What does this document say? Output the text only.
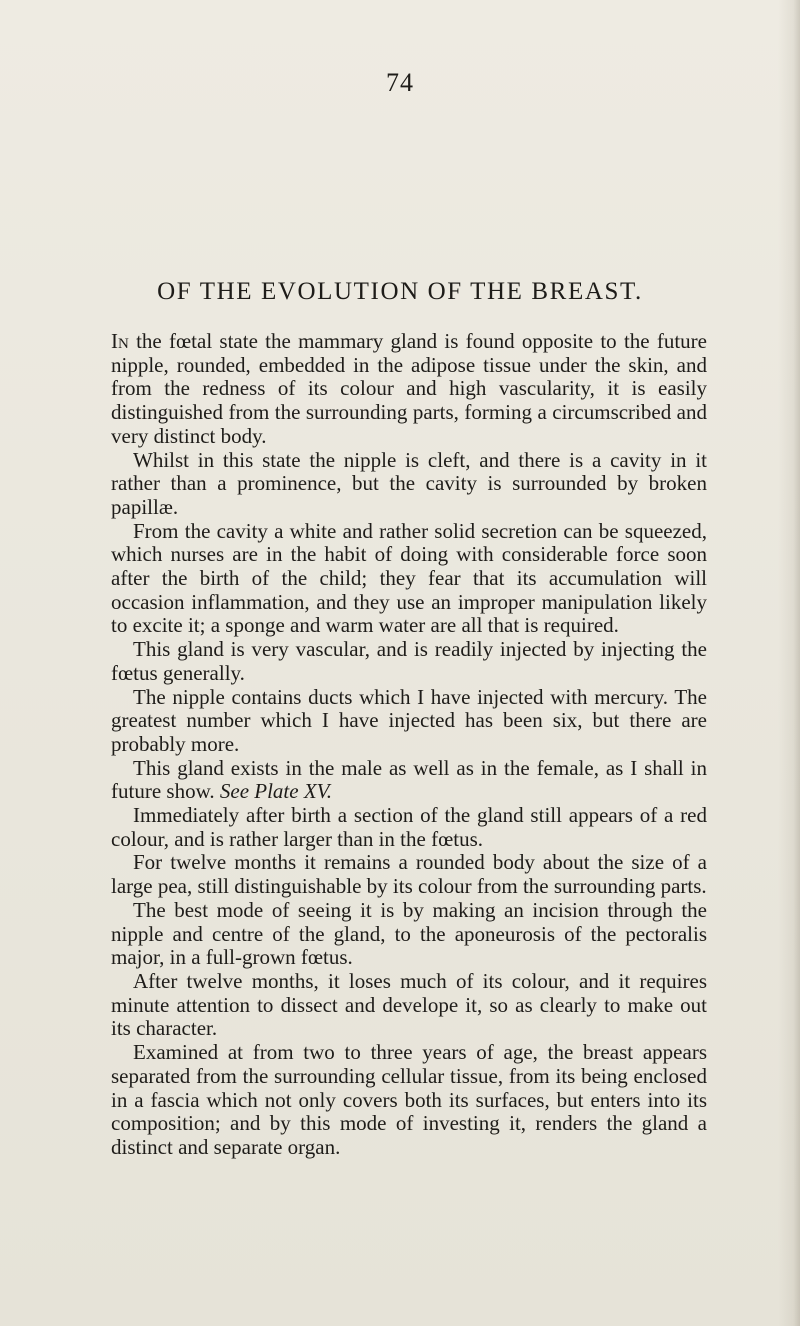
74
OF THE EVOLUTION OF THE BREAST.

In the fœtal state the mammary gland is found opposite to the future nipple, rounded, embedded in the adipose tissue under the skin, and from the redness of its colour and high vascularity, it is easily distinguished from the surrounding parts, forming a circumscribed and very distinct body.

Whilst in this state the nipple is cleft, and there is a cavity in it rather than a prominence, but the cavity is surrounded by broken papillæ.

From the cavity a white and rather solid secretion can be squeezed, which nurses are in the habit of doing with considerable force soon after the birth of the child; they fear that its accumulation will occasion inflammation, and they use an improper manipulation likely to excite it; a sponge and warm water are all that is required.

This gland is very vascular, and is readily injected by injecting the fœtus generally.

The nipple contains ducts which I have injected with mercury. The greatest number which I have injected has been six, but there are probably more.

This gland exists in the male as well as in the female, as I shall in future show. See Plate XV.

Immediately after birth a section of the gland still appears of a red colour, and is rather larger than in the fœtus.

For twelve months it remains a rounded body about the size of a large pea, still distinguishable by its colour from the surrounding parts.

The best mode of seeing it is by making an incision through the nipple and centre of the gland, to the aponeurosis of the pectoralis major, in a full-grown fœtus.

After twelve months, it loses much of its colour, and it requires minute attention to dissect and develope it, so as clearly to make out its character.

Examined at from two to three years of age, the breast appears separated from the surrounding cellular tissue, from its being enclosed in a fascia which not only covers both its surfaces, but enters into its composition; and by this mode of investing it, renders the gland a distinct and separate organ.
